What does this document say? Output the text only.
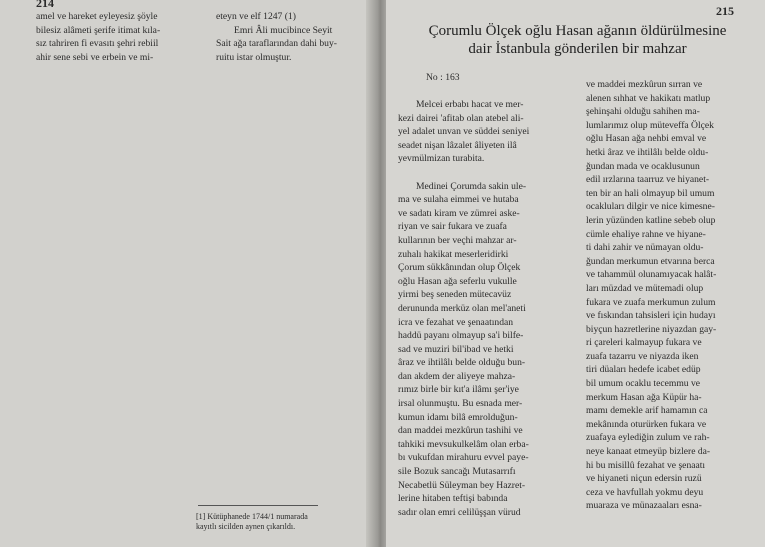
214
amel ve hareket eyleyesiz şöyle
bilesiz alâmeti şerife itimat kıla-
sız tahriren fi evasıtı şehri rebiil
ahir sene sebi ve erbein ve mi-
eteyn ve elf 1247 (1)
Emri Âli mucibince Seyit
Sait ağa taraflarından dahi buy-
ruitu istar olmuştur.
[1] Kütüphanede 1744/1 numarada
kayıtlı sicilden aynen çıkarıldı.
215
Çorumlu Ölçek oğlu Hasan ağanın öldürülmesine
dair İstanbula gönderilen bir mahzar
No : 163
Melcei erbabı hacat ve mer-
kezi dairei 'afitab olan atebel ali-
yel adalet unvan ve süddei seniyei
seadet nişan lâzalet âliyeten ilâ
yevmülmizan turabita.
Medinei Çorumda sakin ule-
ma ve sulaha eimmei ve hutaba
ve sadatı kiram ve zümrei aske-
riyan ve sair fukara ve zuafa
kullarının ber veçhi mahzar ar-
zuhalı hakikat meserleridirki
Çorum sükkânından olup Ölçek
oğlu Hasan ağa seferlu vukulle
yirmi beş seneden mütecavüz
derununda merküz olan mel'aneti
icra ve fezahat ve şenaatından
haddü payanı olmayup sa'i bilfe-
sad ve muziri bil'ibad ve hetki
âraz ve ihtilâlı belde olduğu bun-
dan akdem der aliyeye mahza-
rımız birle bir kıt'a ilâmı şer'iye
irsal olunmuştu. Bu esnada mer-
kumun idamı bilâ emrolduğun-
dan maddei mezkûrun tashihi ve
tahkiki mevsukulkelâm olan erba-
bı vukufdan mirahuru evvel paye-
sile Bozuk sancağı Mutasarrıfı
Necabetlü Süleyman bey Hazret-
lerine hitaben teftişi babında
sadır olan emri celilüşşan vürud
ve maddei mezkûrun sırran ve
alenen sıhhat ve hakikatı matlup
şehinşahi olduğu sahihen ma-
lumlarımız olup müteveffa Ölçek
oğlu Hasan ağa nehbi emval ve
hetki âraz ve ihtilâlı belde oldu-
ğundan mada ve ocaklusunun
edil ırzlarına taarruz ve hiyanet-
ten bir an hali olmayup bil umum
ocakluları dilgir ve nice kimesne-
lerin yüzünden katline sebeb olup
cümle ehaliye rahne ve hiyane-
ti dahi zahir ve nümayan oldu-
ğundan merkumun etvarına berca
ve tahammül olunamıyacak halât-
ları müzdad ve mütemadi olup
fukara ve zuafa merkumun zulum
ve fıskından tahsisleri için hudayı
biyçun hazretlerine niyazdan gay-
ri çareleri kalmayup fukara ve
zuafa tazarru ve niyazda iken
tiri düaları hedefe icabet edüp
bil umum ocaklu tecemmu ve
merkum Hasan ağa Küpür ha-
mamı demekle arif hamamın ca
mekânında oturürken fukara ve
zuafaya eylediğin zulum ve rah-
neye kanaat etmeyüp bizlere da-
hi bu misillû fezahat ve şenaatı
ve hiyaneti niçun edersin ruzü
ceza ve havfullah yokmu deyu
muaraza ve münazaaları esna-
